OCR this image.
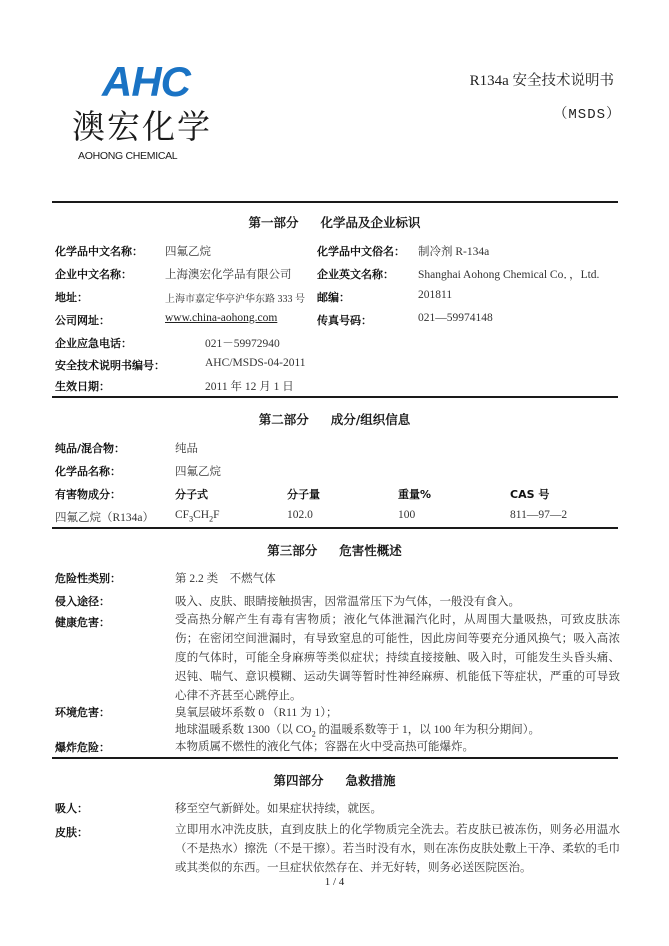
AHC
澳宏化学
AOHONG CHEMICAL
R134a 安全技术说明书
（MSDS）
第一部分 化学品及企业标识
化学品中文名称： 四氟乙烷	化学品中文俗名： 制冷剂 R-134a
企业中文名称：	上海澳宏化学品有限公司 企业英文名称： Shanghai Aohong Chemical Co．，Ltd.
地址：	上海市嘉定华亭沪华东路 333 号 邮编：	201811
公司网址：	www.china-aohong.com	传真号码：	021—59974148
企业应急电话：	021－59972940
安全技术说明书编号：	AHC/MSDS-04-2011
生效日期：	2011 年 12 月 1 日
第二部分 成分/组织信息
纯品/混合物：	纯品
化学品名称：	四氟乙烷
有害物成分：	分子式	分子量	重量%	CAS 号
四氟乙烷（R134a） $CF_3CH_2F$	102.0	100	811—97—2
第三部分 危害性概述
危险性类别：	第 2.2 类　不燃气体
侵入途径：	吸入、皮肤、眼睛接触损害，因常温常压下为气体，一般没有食入。
健康危害：	受高热分解产生有毒有害物质；液化气体泄漏汽化时，从周围大量吸热，可致皮肤冻伤；在密闭空间泄漏时，有导致窒息的可能性，因此房间等要充分通风换气；吸入高浓度的气体时，可能全身麻痹等类似症状；持续直接接触、吸入时，可能发生头昏头痛、迟钝、喘气、意识模糊、运动失调等暂时性神经麻痹、机能低下等症状，严重的可导致心律不齐甚至心跳停止。
环境危害：	臭氧层破坏系数 0 （R11 为 1）；
地球温暖系数 1300（以 $CO_2$ 的温暖系数等于 1，以 100 年为积分期间）。
爆炸危险：	本物质属不燃性的液化气体；容器在火中受高热可能爆炸。
第四部分 急救措施
吸人：	移至空气新鲜处。如果症状持续，就医。
皮肤：	立即用水冲洗皮肤，直到皮肤上的化学物质完全洗去。若皮肤已被冻伤，则务必用温水（不是热水）擦洗（不是干擦）。若当时没有水，则在冻伤皮肤处敷上干净、柔软的毛巾或其类似的东西。一旦症状依然存在、并无好转，则务必送医院医治。
1 / 4
